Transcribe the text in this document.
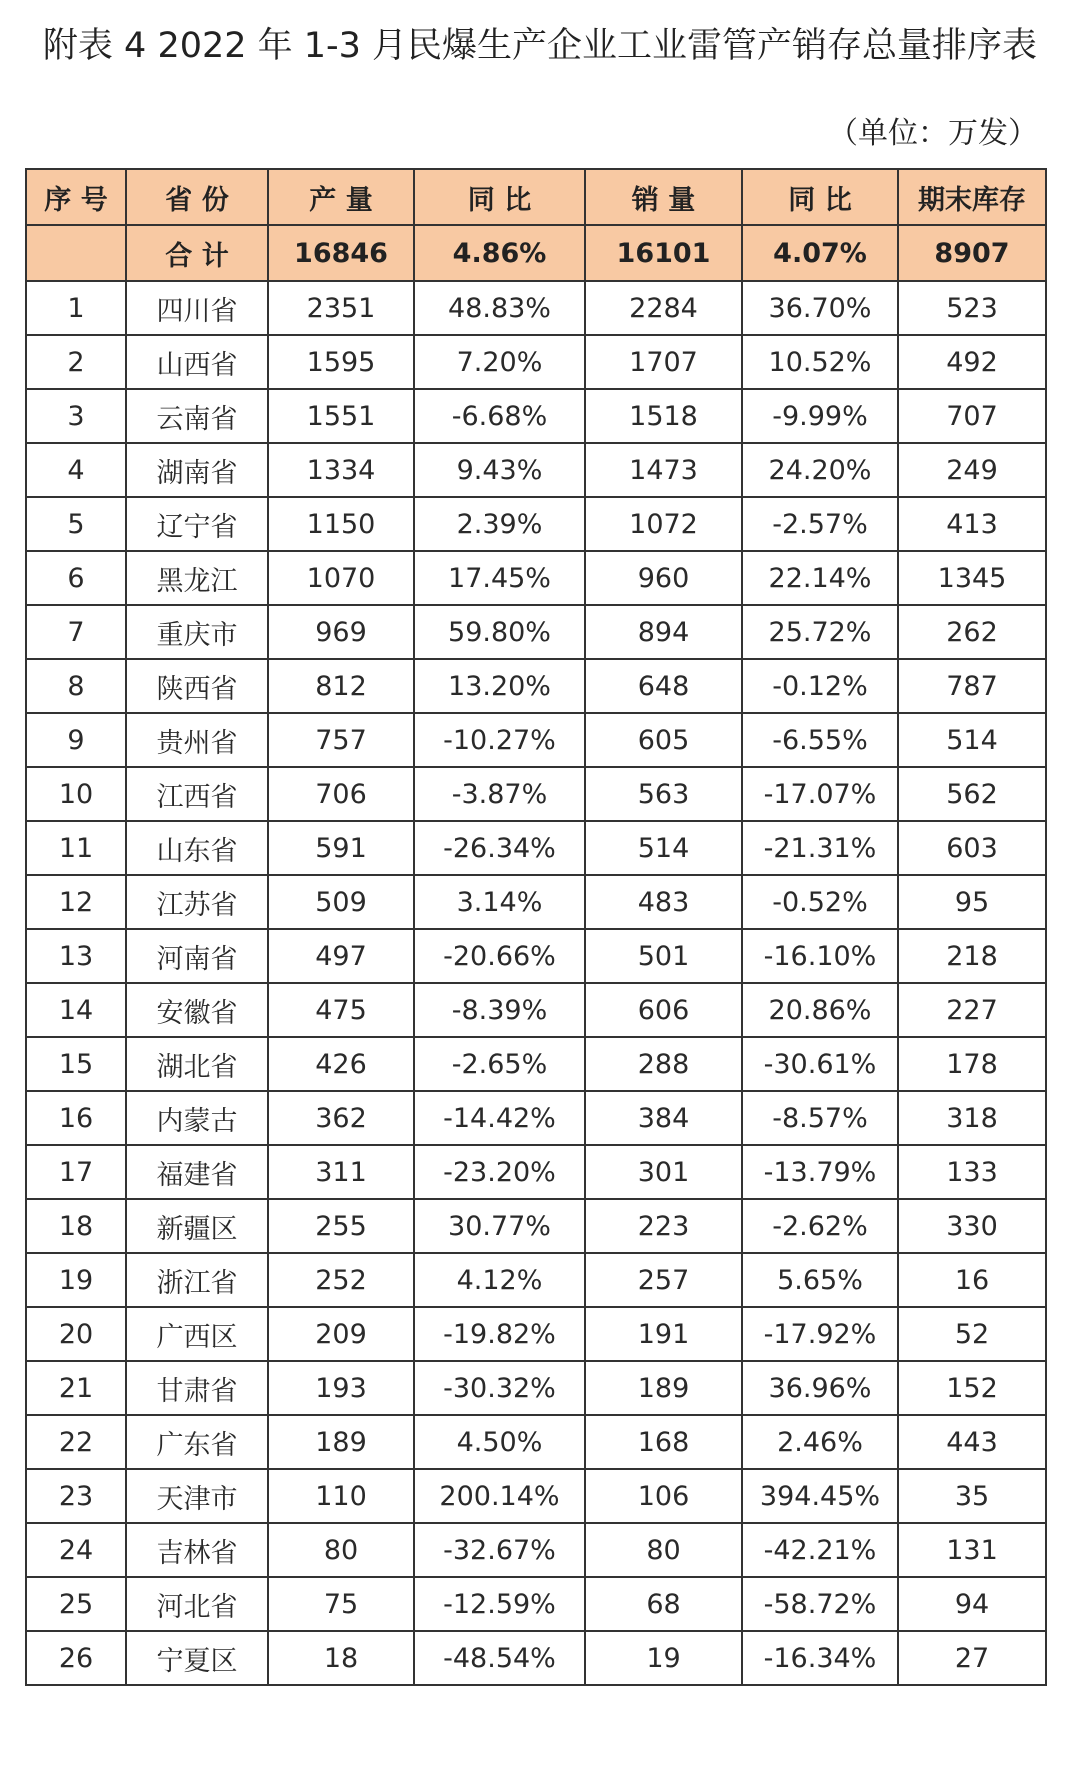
附表 4 2022 年 1-3 月民爆生产企业工业雷管产销存总量排序表
（单位：万发）
序 号	省 份	产 量	同 比	销 量	同 比	期末库存
	合 计	16846	4.86%	16101	4.07%	8907
1	四川省	2351	48.83%	2284	36.70%	523
2	山西省	1595	7.20%	1707	10.52%	492
3	云南省	1551	-6.68%	1518	-9.99%	707
4	湖南省	1334	9.43%	1473	24.20%	249
5	辽宁省	1150	2.39%	1072	-2.57%	413
6	黑龙江	1070	17.45%	960	22.14%	1345
7	重庆市	969	59.80%	894	25.72%	262
8	陕西省	812	13.20%	648	-0.12%	787
9	贵州省	757	-10.27%	605	-6.55%	514
10	江西省	706	-3.87%	563	-17.07%	562
11	山东省	591	-26.34%	514	-21.31%	603
12	江苏省	509	3.14%	483	-0.52%	95
13	河南省	497	-20.66%	501	-16.10%	218
14	安徽省	475	-8.39%	606	20.86%	227
15	湖北省	426	-2.65%	288	-30.61%	178
16	内蒙古	362	-14.42%	384	-8.57%	318
17	福建省	311	-23.20%	301	-13.79%	133
18	新疆区	255	30.77%	223	-2.62%	330
19	浙江省	252	4.12%	257	5.65%	16
20	广西区	209	-19.82%	191	-17.92%	52
21	甘肃省	193	-30.32%	189	36.96%	152
22	广东省	189	4.50%	168	2.46%	443
23	天津市	110	200.14%	106	394.45%	35
24	吉林省	80	-32.67%	80	-42.21%	131
25	河北省	75	-12.59%	68	-58.72%	94
26	宁夏区	18	-48.54%	19	-16.34%	27
